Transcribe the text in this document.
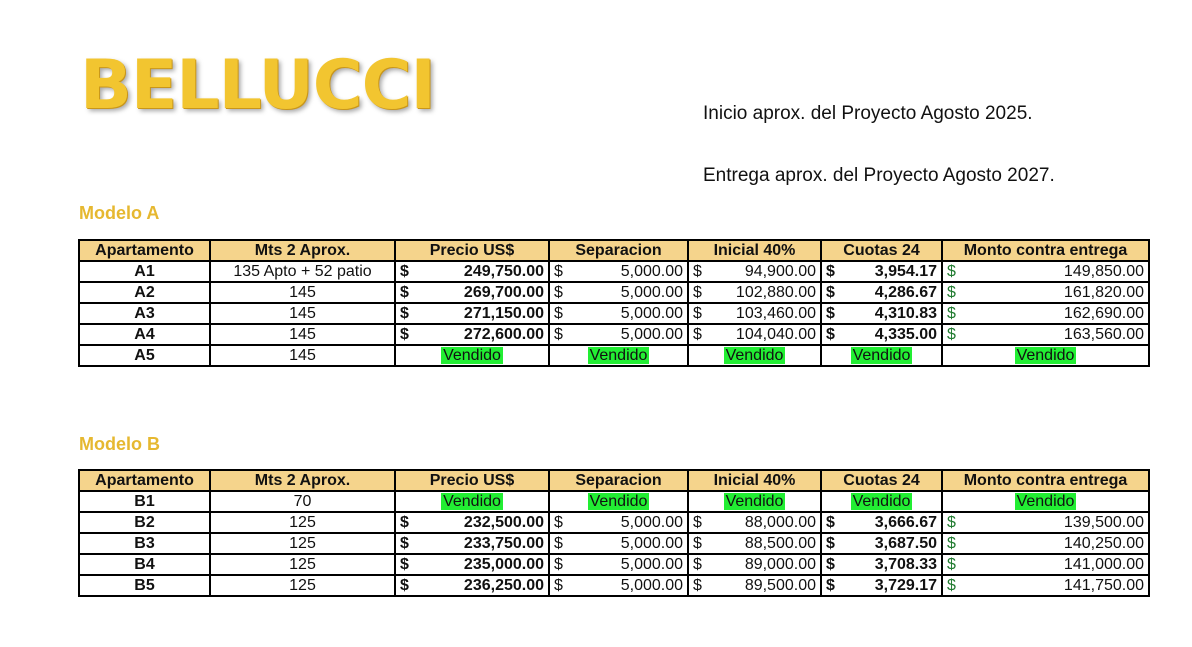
BELLUCCI	Inicio aprox. del Proyecto Agosto 2025.
Entrega aprox. del Proyecto Agosto 2027.
Modelo A
Apartamento	Mts 2 Aprox.	Precio US$	Separacion	Inicial 40%	Cuotas 24	Monto contra entrega
A1	135 Apto + 52 patio	$ 249,750.00	$ 5,000.00	$ 94,900.00	$ 3,954.17	$ 149,850.00

A2	145	$ 269,700.00	$ 5,000.00	$ 102,880.00	$ 4,286.67	$ 161,820.00

A3	145	$ 271,150.00	$ 5,000.00	$ 103,460.00	$ 4,310.83	$ 162,690.00

A4	145	$ 272,600.00	$ 5,000.00	$ 104,040.00	$ 4,335.00	$ 163,560.00

A5	145	Vendido	Vendido	Vendido	Vendido	Vendido
Modelo B
Apartamento	Mts 2 Aprox.	Precio US$	Separacion	Inicial 40%	Cuotas 24	Monto contra entrega
B1	70	Vendido	Vendido	Vendido	Vendido	Vendido
B2	125	$ 232,500.00	$ 5,000.00	$ 88,000.00	$ 3,666.67	$ 139,500.00

B3	125	$ 233,750.00	$ 5,000.00	$ 88,500.00	$ 3,687.50	$ 140,250.00

B4	125	$ 235,000.00	$ 5,000.00	$ 89,000.00	$ 3,708.33	$ 141,000.00

B5	125	$ 236,250.00	$ 5,000.00	$ 89,500.00	$ 3,729.17	$ 141,750.00
